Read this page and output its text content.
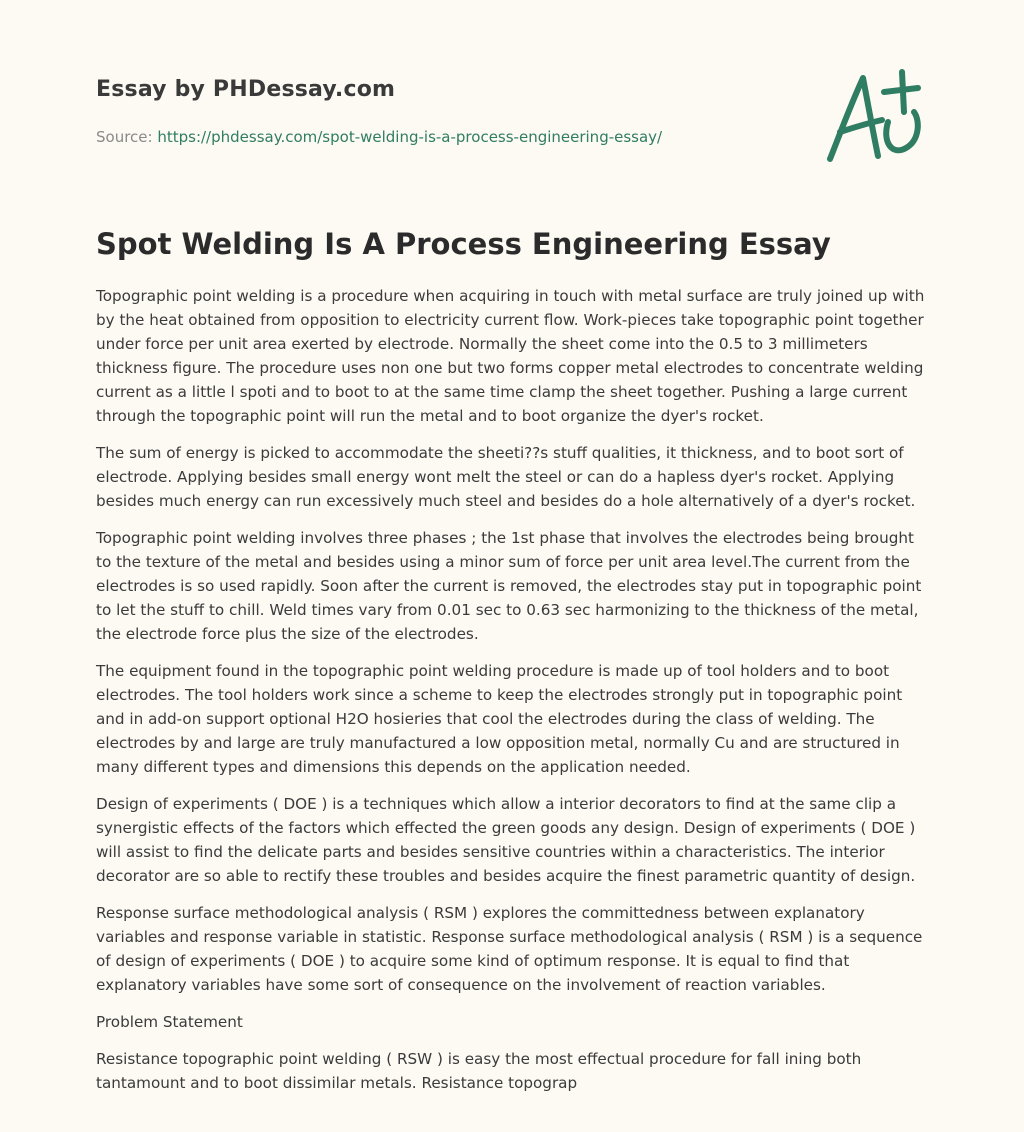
Essay by PHDessay.com
Source: https://phdessay.com/spot-welding-is-a-process-engineering-essay/
Spot Welding Is A Process Engineering Essay

Topographic point welding is a procedure when acquiring in touch with metal surface are truly joined up with by the heat obtained from opposition to electricity current flow. Work-pieces take topographic point together under force per unit area exerted by electrode. Normally the sheet come into the 0.5 to 3 millimeters thickness figure. The procedure uses non one but two forms copper metal electrodes to concentrate welding current as a little l spoti and to boot to at the same time clamp the sheet together. Pushing a large current through the topographic point will run the metal and to boot organize the dyer's rocket.

The sum of energy is picked to accommodate the sheeti??s stuff qualities, it thickness, and to boot sort of electrode. Applying besides small energy wont melt the steel or can do a hapless dyer's rocket. Applying besides much energy can run excessively much steel and besides do a hole alternatively of a dyer's rocket.

Topographic point welding involves three phases ; the 1st phase that involves the electrodes being brought to the texture of the metal and besides using a minor sum of force per unit area level.The current from the electrodes is so used rapidly. Soon after the current is removed, the electrodes stay put in topographic point to let the stuff to chill. Weld times vary from 0.01 sec to 0.63 sec harmonizing to the thickness of the metal, the electrode force plus the size of the electrodes.

The equipment found in the topographic point welding procedure is made up of tool holders and to boot electrodes. The tool holders work since a scheme to keep the electrodes strongly put in topographic point and in add-on support optional H2O hosieries that cool the electrodes during the class of welding. The electrodes by and large are truly manufactured a low opposition metal, normally Cu and are structured in many different types and dimensions this depends on the application needed.

Design of experiments ( DOE ) is a techniques which allow a interior decorators to find at the same clip a synergistic effects of the factors which effected the green goods any design. Design of experiments ( DOE ) will assist to find the delicate parts and besides sensitive countries within a characteristics. The interior decorator are so able to rectify these troubles and besides acquire the finest parametric quantity of design.

Response surface methodological analysis ( RSM ) explores the committedness between explanatory variables and response variable in statistic. Response surface methodological analysis ( RSM ) is a sequence of design of experiments ( DOE ) to acquire some kind of optimum response. It is equal to find that explanatory variables have some sort of consequence on the involvement of reaction variables.

Problem Statement

Resistance topographic point welding ( RSW ) is easy the most effectual procedure for fall ining both tantamount and to boot dissimilar metals. Resistance topograp
